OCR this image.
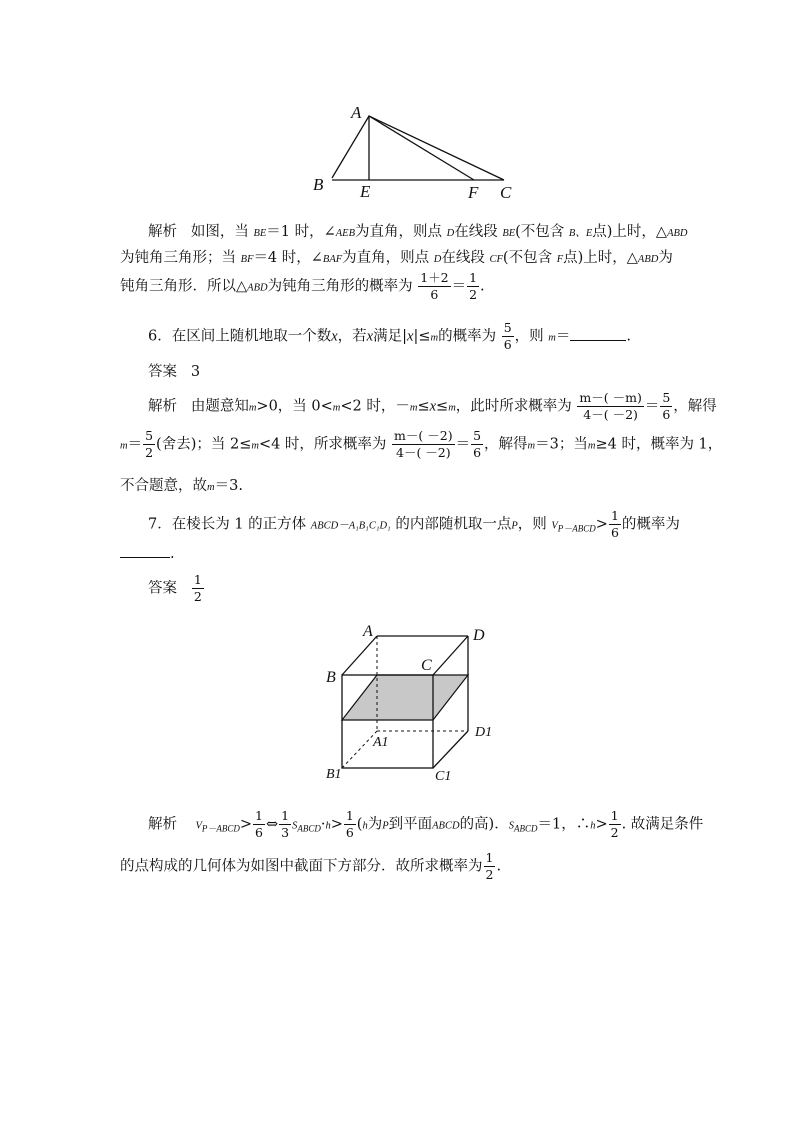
A
B E	F C
解析 如图，当 BE＝1 时，∠AEB为直角，则点 D在线段 BE(不包含 B、E点)上时，△ABD
为钝角三角形；当 BF＝4 时，∠BAF为直角，则点 D在线段 CF(不包含 F点)上时，△ABD为
钝角三角形．所以△ABD为钝角三角形的概率为 $\frac{1+2}{6} = \frac{1}{2}$ .
6．在区间上随机地取一个数x，若x满足|x|≤m的概率为 $\frac{5}{6}$ ，则 m＝	.
答案 3
解析 由题意知m>0，当 0<m<2 时，－m≤x≤m，此时所求概率为 $\frac{m-( -m)}{4-( -2)} = \frac{5}{6}$ ，解得
$m= \frac{5}{2}$ (舍去)；当 2≤m<4 时，所求概率为 $\frac{m-( -2)}{4-( -2)} = \frac{5}{6}$ ，解得m＝3；当m≥4 时，概率为 1，
不合题意，故m＝3.
7．在棱长为 1 的正方体 ABCD－A₁B₁C₁D₁ 的内部随机取一点P，则 $V_{P-ABCD}> \frac{1}{6}$ 的概率为
.
答案 $\frac{1}{2}$
A	D
B
C
A1
D1
B1	C1
解析 $V_{P-ABCD}> \frac{1}{6}$ ⇔ $\frac{1}{3} S_{ABCD}\cdot h> \frac{1}{6} (h$为P到平面ABCD的高)．$S_{ABCD}=1$，∴h> $\frac{1}{2}$ . 故满足条件
的点构成的几何体为如图中截面下方部分．故所求概率为 $\frac{1}{2}$ .
